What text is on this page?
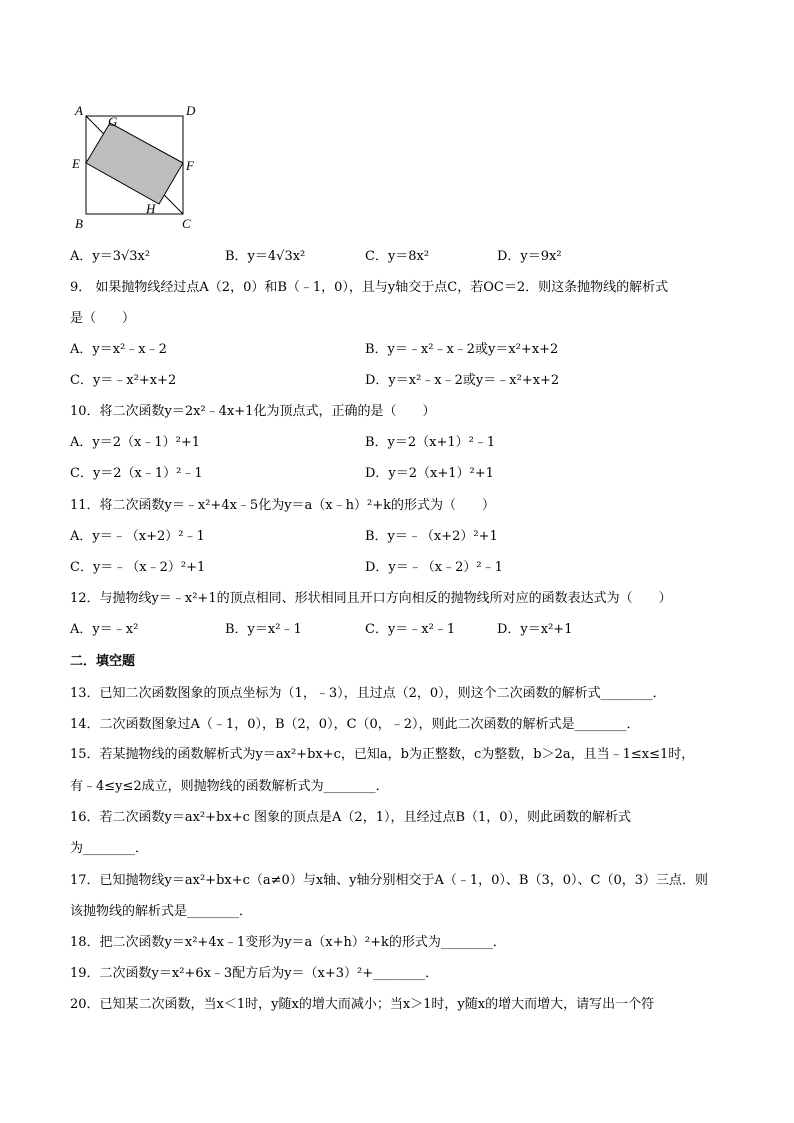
A	D
G
E	F
B
H
C
A．y＝3√3x²	B．y＝4√3x²	C．y＝8x²	D．y＝9x²
9． 如果抛物线经过点A（2，0）和B（﹣1，0），且与y轴交于点C，若OC＝2．则这条抛物线的解析式
是（　　）
A．y＝x²﹣x﹣2	B．y＝﹣x²﹣x﹣2或y＝x²+x+2
C．y＝﹣x²+x+2	D．y＝x²﹣x﹣2或y＝﹣x²+x+2
10．将二次函数y＝2x²﹣4x+1化为顶点式，正确的是（　　）
A．y＝2（x﹣1）²+1	B．y＝2（x+1）²﹣1
C．y＝2（x﹣1）²﹣1	D．y＝2（x+1）²+1
11．将二次函数y＝﹣x²+4x﹣5化为y＝a（x﹣h）²+k的形式为（　　）
A．y＝﹣（x+2）²﹣1	B．y＝﹣（x+2）²+1
C．y＝﹣（x﹣2）²+1	D．y＝﹣（x﹣2）²﹣1
12．与抛物线y＝﹣x²+1的顶点相同、形状相同且开口方向相反的抛物线所对应的函数表达式为（　　）
A．y＝﹣x²	B．y＝x²﹣1	C．y＝﹣x²﹣1	D．y＝x²+1
二．填空题
13．已知二次函数图象的顶点坐标为（1，﹣3），且过点（2，0），则这个二次函数的解析式________．
14．二次函数图象过A（﹣1，0），B（2，0），C（0，﹣2），则此二次函数的解析式是________．
15．若某抛物线的函数解析式为y＝ax²+bx+c，已知a，b为正整数，c为整数，b＞2a，且当﹣1≤x≤1时，
有﹣4≤y≤2成立，则抛物线的函数解析式为________．
16．若二次函数y＝ax²+bx+c 图象的顶点是A（2，1），且经过点B（1，0），则此函数的解析式
为________．
17．已知抛物线y＝ax²+bx+c（a≠0）与x轴、y轴分别相交于A（﹣1，0）、B（3，0）、C（0，3）三点．则
该抛物线的解析式是________．
18．把二次函数y＝x²+4x﹣1变形为y＝a（x+h）²+k的形式为________．
19．二次函数y＝x²+6x﹣3配方后为y＝（x+3）²+________．
20．已知某二次函数，当x＜1时，y随x的增大而减小；当x＞1时，y随x的增大而增大，请写出一个符
